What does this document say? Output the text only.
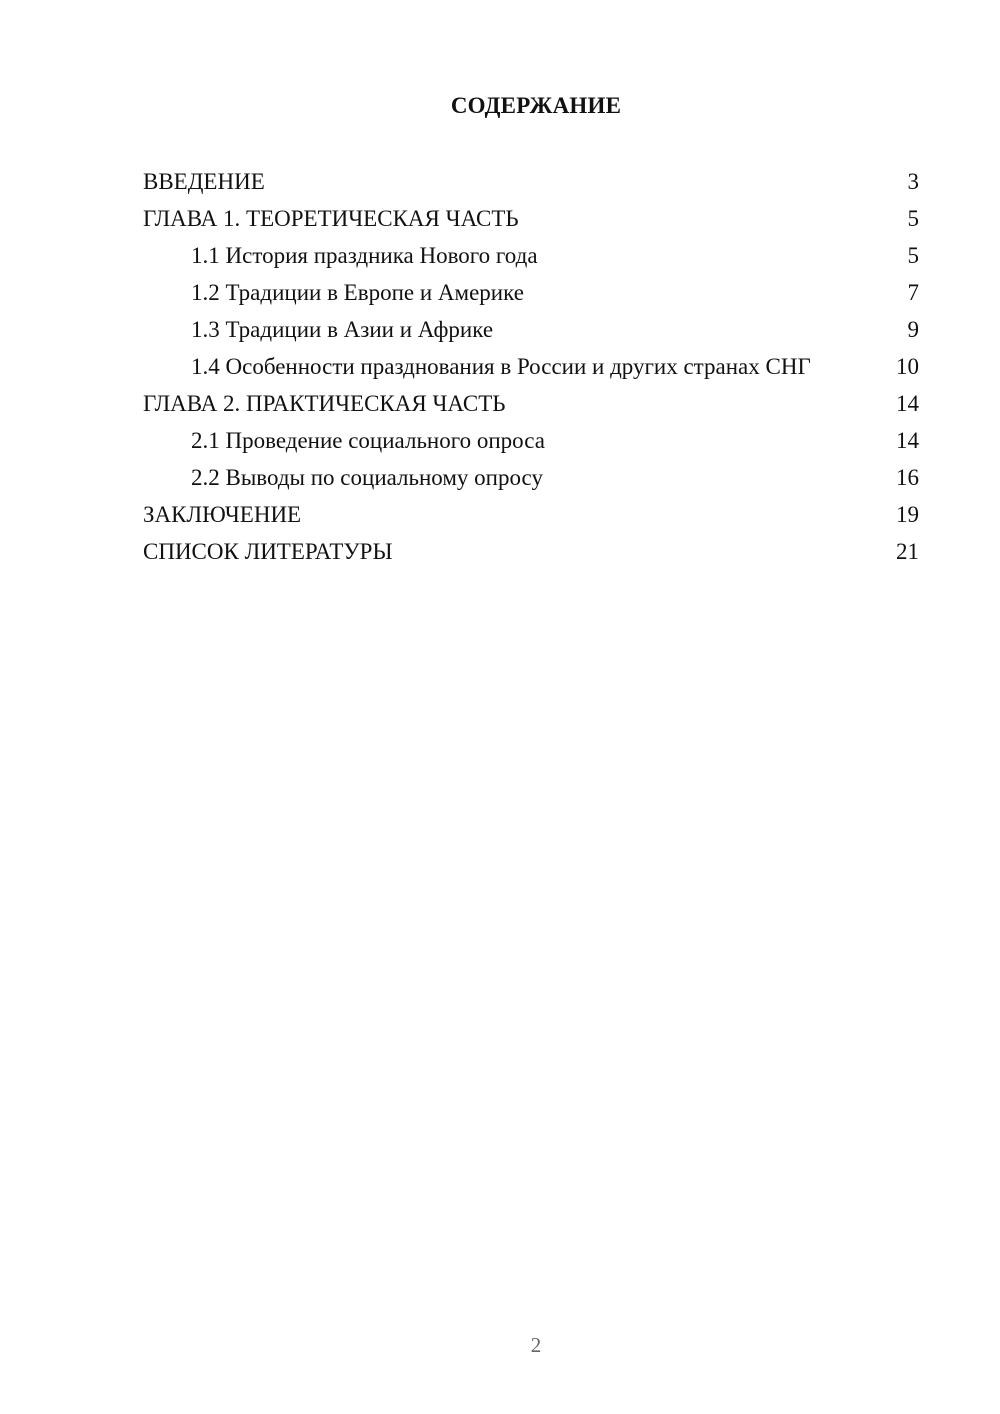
СОДЕРЖАНИЕ
ВВЕДЕНИЕ	3
ГЛАВА 1. ТЕОРЕТИЧЕСКАЯ ЧАСТЬ	5
1.1 История праздника Нового года	5
1.2 Традиции в Европе и Америке	7
1.3 Традиции в Азии и Африке	9
1.4 Особенности празднования в России и других странах СНГ	10
ГЛАВА 2. ПРАКТИЧЕСКАЯ ЧАСТЬ	14
2.1 Проведение социального опроса	14
2.2 Выводы по социальному опросу	16
ЗАКЛЮЧЕНИЕ	19
СПИСОК ЛИТЕРАТУРЫ	21
2
